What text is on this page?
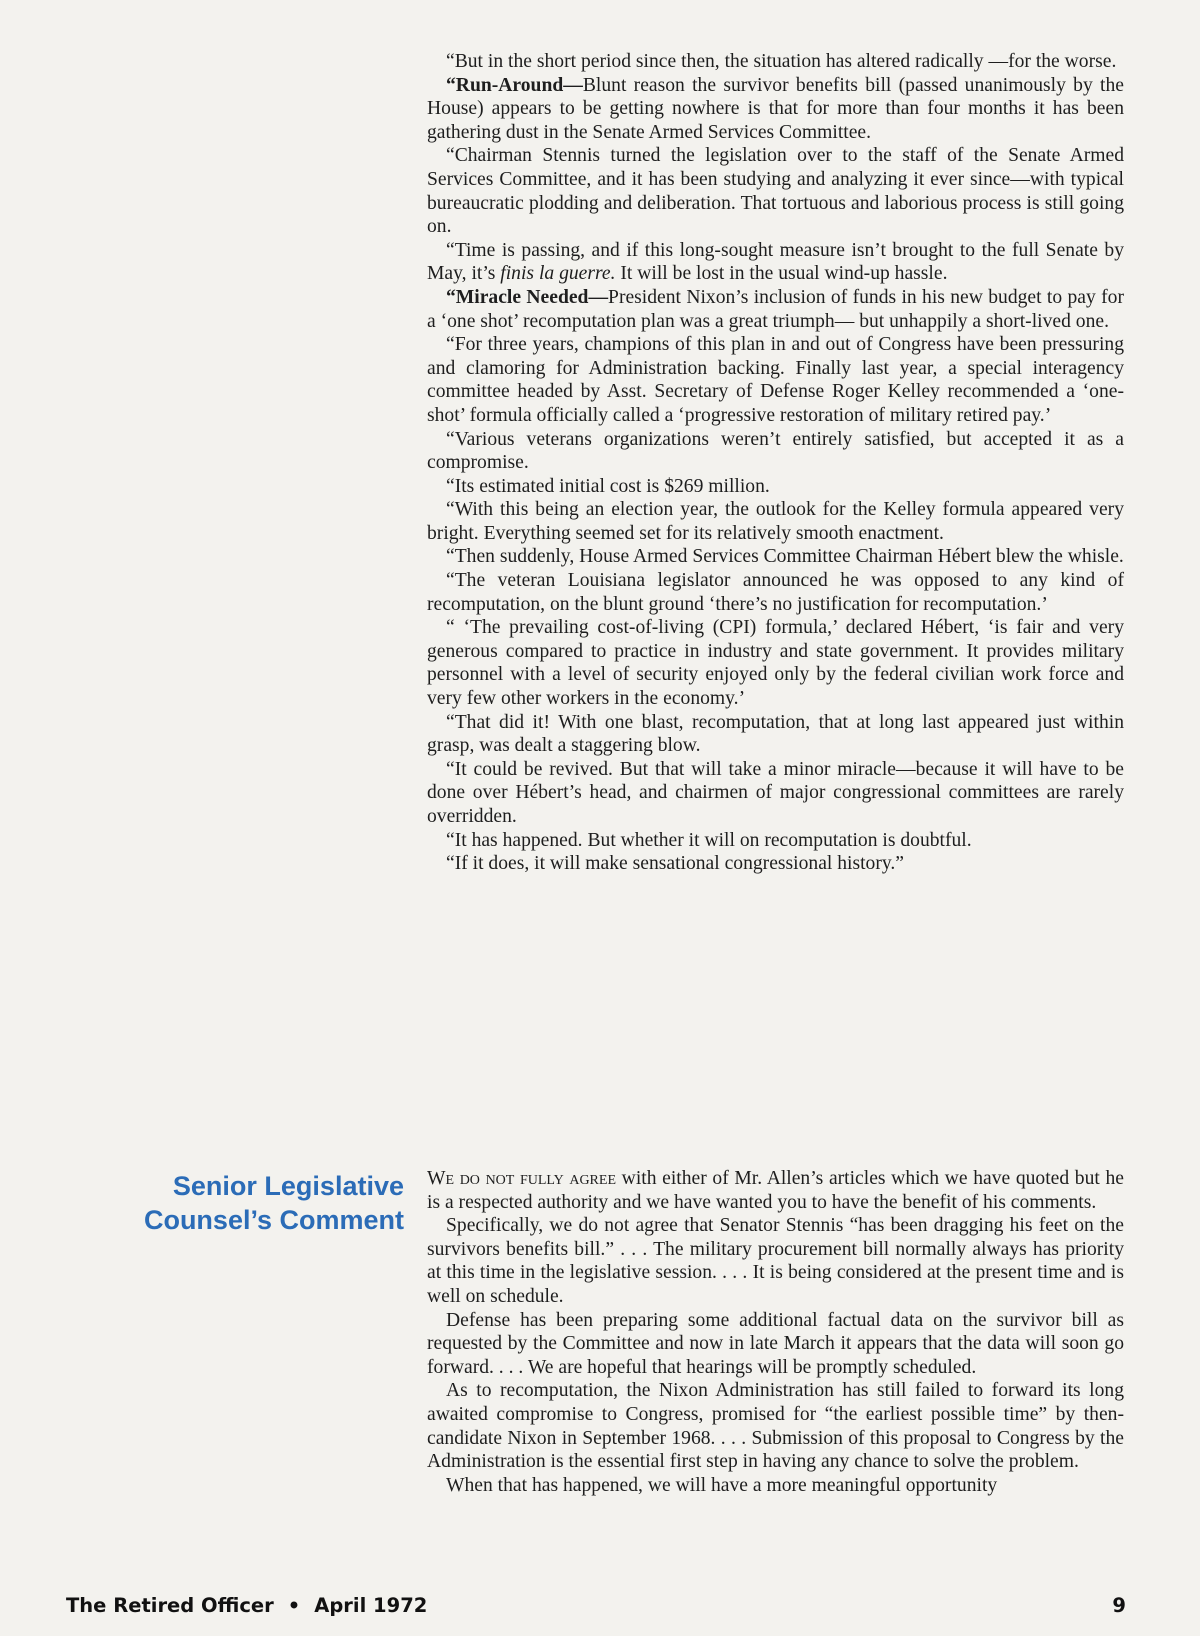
“But in the short period since then, the situation has altered radically —for the worse.

“Run-Around—Blunt reason the survivor benefits bill (passed unanimously by the House) appears to be getting nowhere is that for more than four months it has been gathering dust in the Senate Armed Services Committee.

“Chairman Stennis turned the legislation over to the staff of the Senate Armed Services Committee, and it has been studying and analyzing it ever since—with typical bureaucratic plodding and deliberation. That tortuous and laborious process is still going on.

“Time is passing, and if this long-sought measure isn’t brought to the full Senate by May, it’s finis la guerre. It will be lost in the usual wind-up hassle.

“Miracle Needed—President Nixon’s inclusion of funds in his new budget to pay for a ‘one shot’ recomputation plan was a great triumph— but unhappily a short-lived one.

“For three years, champions of this plan in and out of Congress have been pressuring and clamoring for Administration backing. Finally last year, a special interagency committee headed by Asst. Secretary of Defense Roger Kelley recommended a ‘one-shot’ formula officially called a ‘progressive restoration of military retired pay.’

“Various veterans organizations weren’t entirely satisfied, but accepted it as a compromise.

“Its estimated initial cost is $269 million.

“With this being an election year, the outlook for the Kelley formula appeared very bright. Everything seemed set for its relatively smooth enactment.

“Then suddenly, House Armed Services Committee Chairman Hébert blew the whisle.

“The veteran Louisiana legislator announced he was opposed to any kind of recomputation, on the blunt ground ‘there’s no justification for recomputation.’

“ ‘The prevailing cost-of-living (CPI) formula,’ declared Hébert, ‘is fair and very generous compared to practice in industry and state government. It provides military personnel with a level of security enjoyed only by the federal civilian work force and very few other workers in the economy.’

“That did it! With one blast, recomputation, that at long last appeared just within grasp, was dealt a staggering blow.

“It could be revived. But that will take a minor miracle—because it will have to be done over Hébert’s head, and chairmen of major congressional committees are rarely overridden.

“It has happened. But whether it will on recomputation is doubtful.

“If it does, it will make sensational congressional history.”

Senior Legislative
Counsel’s Comment

We do not fully agree with either of Mr. Allen’s articles which we have quoted but he is a respected authority and we have wanted you to have the benefit of his comments.

Specifically, we do not agree that Senator Stennis “has been dragging his feet on the survivors benefits bill.” . . . The military procurement bill normally always has priority at this time in the legislative session. . . . It is being considered at the present time and is well on schedule.

Defense has been preparing some additional factual data on the survivor bill as requested by the Committee and now in late March it appears that the data will soon go forward. . . . We are hopeful that hearings will be promptly scheduled.

As to recomputation, the Nixon Administration has still failed to forward its long awaited compromise to Congress, promised for “the earliest possible time” by then-candidate Nixon in September 1968. . . . Submission of this proposal to Congress by the Administration is the essential first step in having any chance to solve the problem.

When that has happened, we will have a more meaningful opportunity

The Retired Officer • April 1972	9
